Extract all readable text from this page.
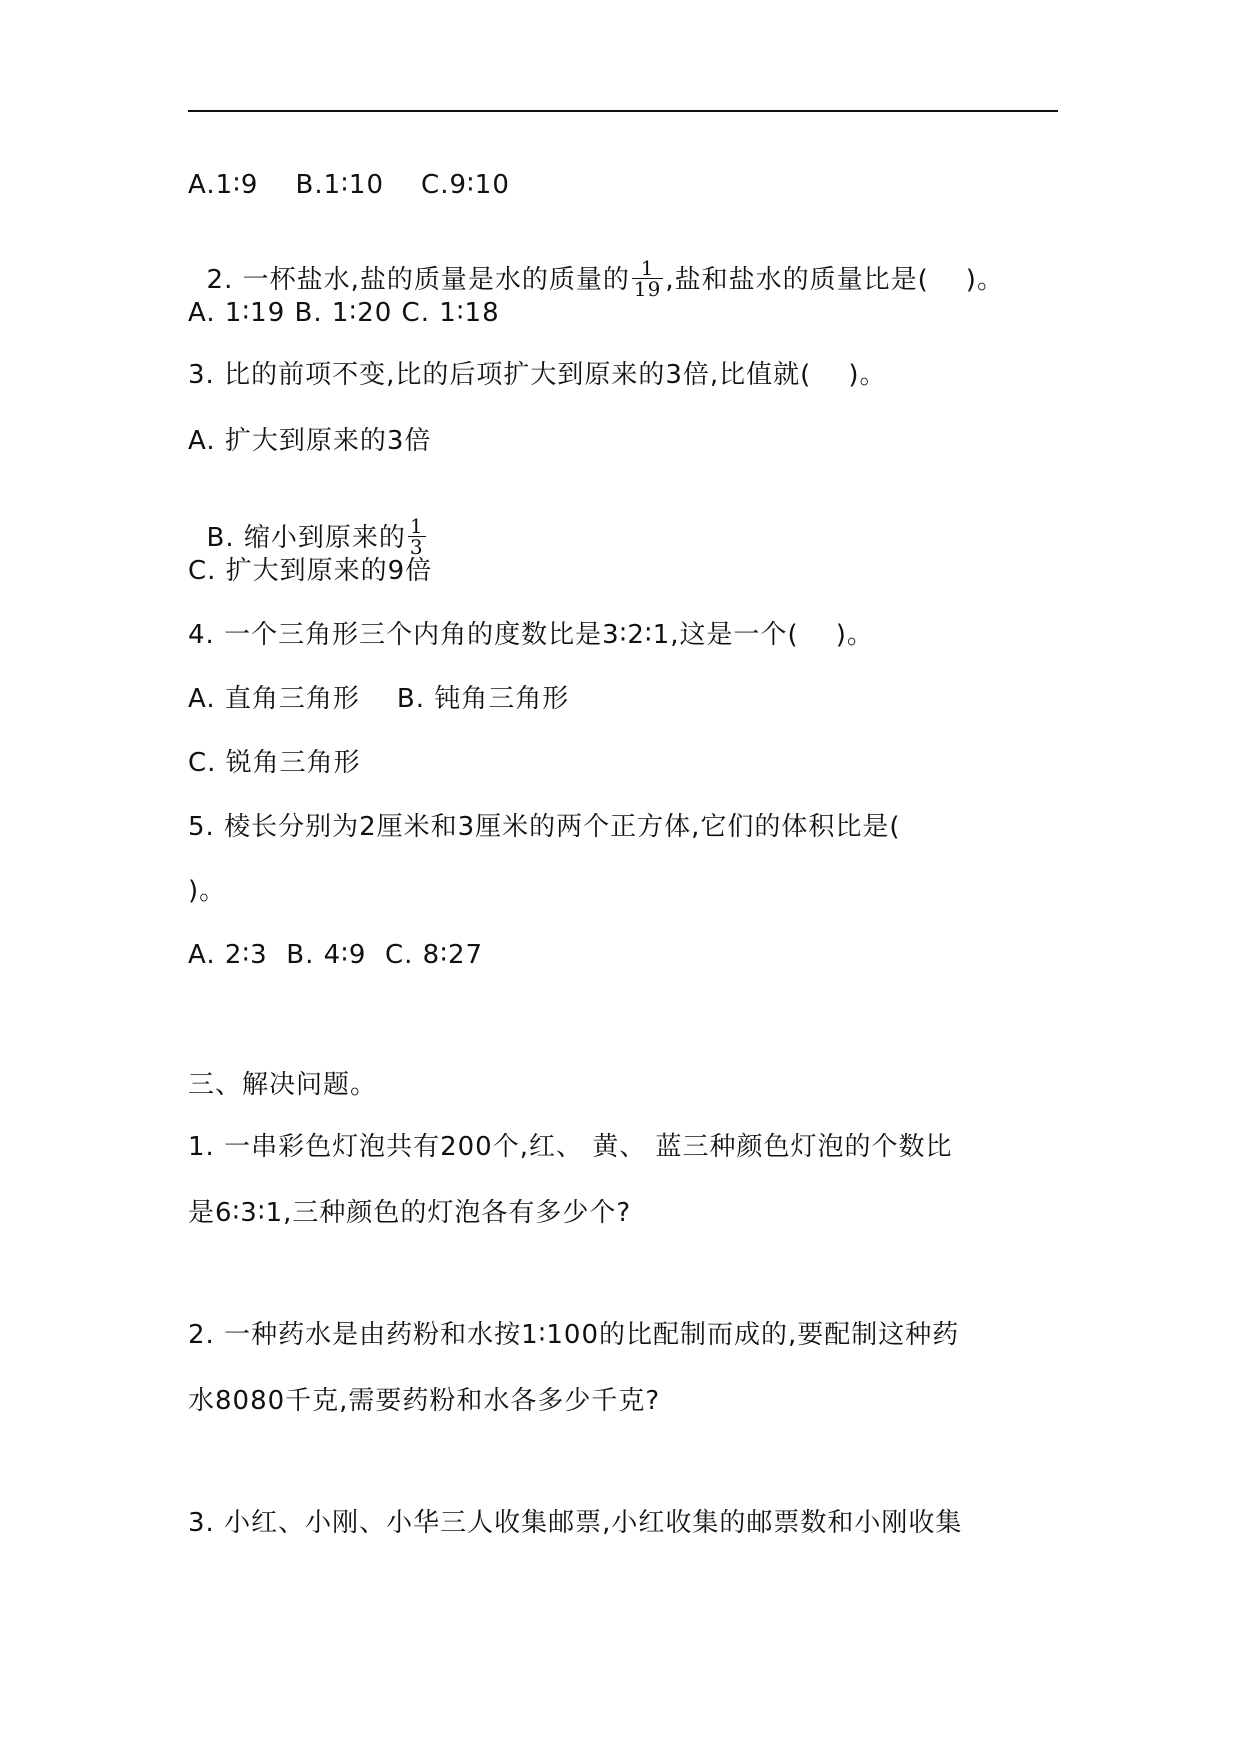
A.1∶9    B.1∶10    C.9∶10

2. 一杯盐水,盐的质量是水的质量的 $\frac{1}{19}$ ,盐和盐水的质量比是(    )。

A. 1∶19 B. 1∶20 C. 1∶18
3. 比的前项不变,比的后项扩大到原来的3倍,比值就(    )。
A. 扩大到原来的3倍

B. 缩小到原来的 $\frac{1}{3}$

C. 扩大到原来的9倍
4. 一个三角形三个内角的度数比是3∶2∶1,这是一个(    )。
A. 直角三角形    B. 钝角三角形
C. 锐角三角形
5. 棱长分别为2厘米和3厘米的两个正方体,它们的体积比是(
)。
A. 2∶3  B. 4∶9  C. 8∶27
三、解决问题。
1. 一串彩色灯泡共有200个,红、 黄、 蓝三种颜色灯泡的个数比
是6∶3∶1,三种颜色的灯泡各有多少个?
2. 一种药水是由药粉和水按1∶100的比配制而成的,要配制这种药
水8080千克,需要药粉和水各多少千克?
3. 小红、小刚、小华三人收集邮票,小红收集的邮票数和小刚收集
